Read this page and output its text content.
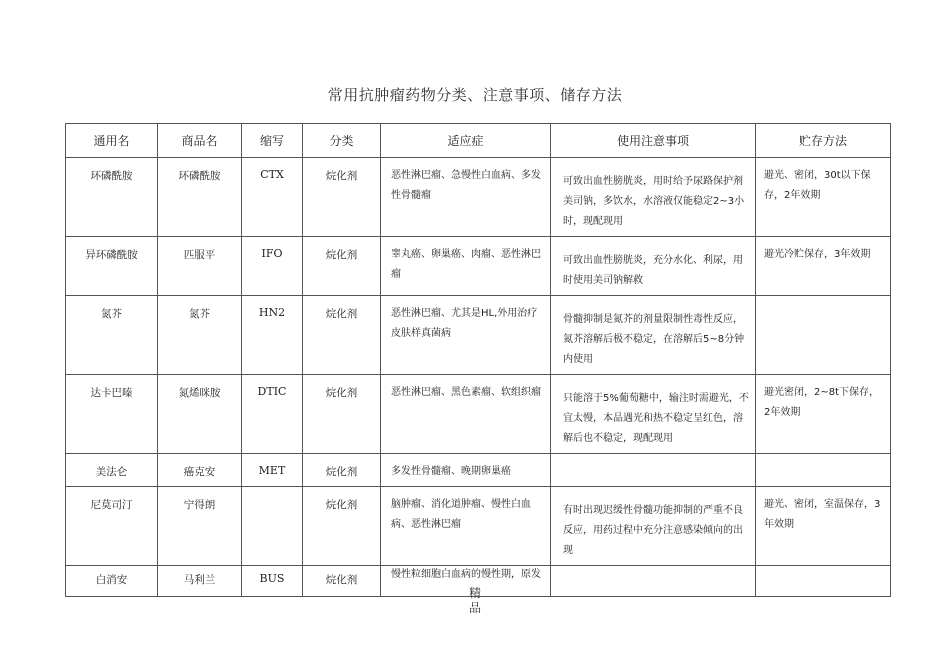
常用抗肿瘤药物分类、注意事项、储存方法
通用名	商品名	缩写	分类	适应症	使用注意事项	贮存方法
环磷酰胺	环磷酰胺	CTX	烷化剂	恶性淋巴瘤、急慢性白血病、多发性骨髓瘤	可致出血性膀胱炎，用时给予尿路保护剂美司钠，多饮水，水溶液仅能稳定2~3小时，现配现用	避光、密闭，30t以下保存，2年效期
异环磷酰胺	匹服平	IFO	烷化剂	睾丸癌、卵巢癌、肉瘤、恶性淋巴瘤	可致出血性膀胱炎，充分水化、利尿，用时使用美司钠解救	避光冷贮保存，3年效期
氮芥	氮芥	HN2	烷化剂	恶性淋巴瘤、尤其是HL,外用治疗皮肤样真菌病	骨髓抑制是氮芥的剂量限制性毒性反应，氮芥溶解后极不稳定，在溶解后5~8分钟内使用	
达卡巴嗪	氮烯咪胺	DTIC	烷化剂	恶性淋巴瘤、黑色素瘤、软组织瘤	只能溶于5%葡萄糖中，输注时需避光，不宜太慢，本品遇光和热不稳定呈红色，溶解后也不稳定，现配现用	避光密闭，2~8t下保存，2年效期
美法仑	癌克安	MET	烷化剂	多发性骨髓瘤、晚期卵巢癌		
尼莫司汀	宁得朗		烷化剂	脑肿瘤、消化道肿瘤、慢性白血病、恶性淋巴瘤	有时出现迟缓性骨髓功能抑制的严重不良反应，用药过程中充分注意感染倾向的出现	避光、密闭，室温保存，3年效期
白消安	马利兰	BUS	烷化剂	慢性粒细胞白血病的慢性期，原发		
精
品
